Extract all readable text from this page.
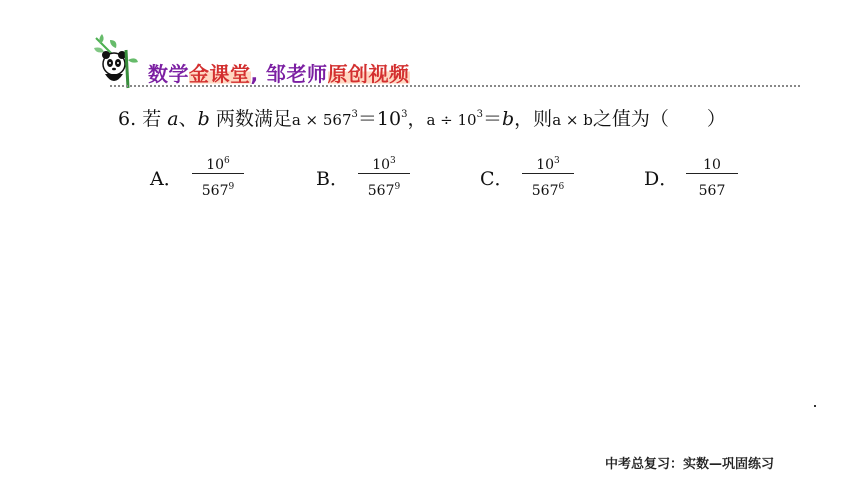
数学金课堂, 邹老师原创视频
6. 若 a、b 两数满足$a \times 567^3=10^3$，$a \div 10^3=b$，则a × b之值为（　　）
A．
$10^6$
$567^9$	B．
$10^3$
$567^9$	C．
$10^3$
$567^6$	D．
10
567
中考总复习：实数—巩固练习
